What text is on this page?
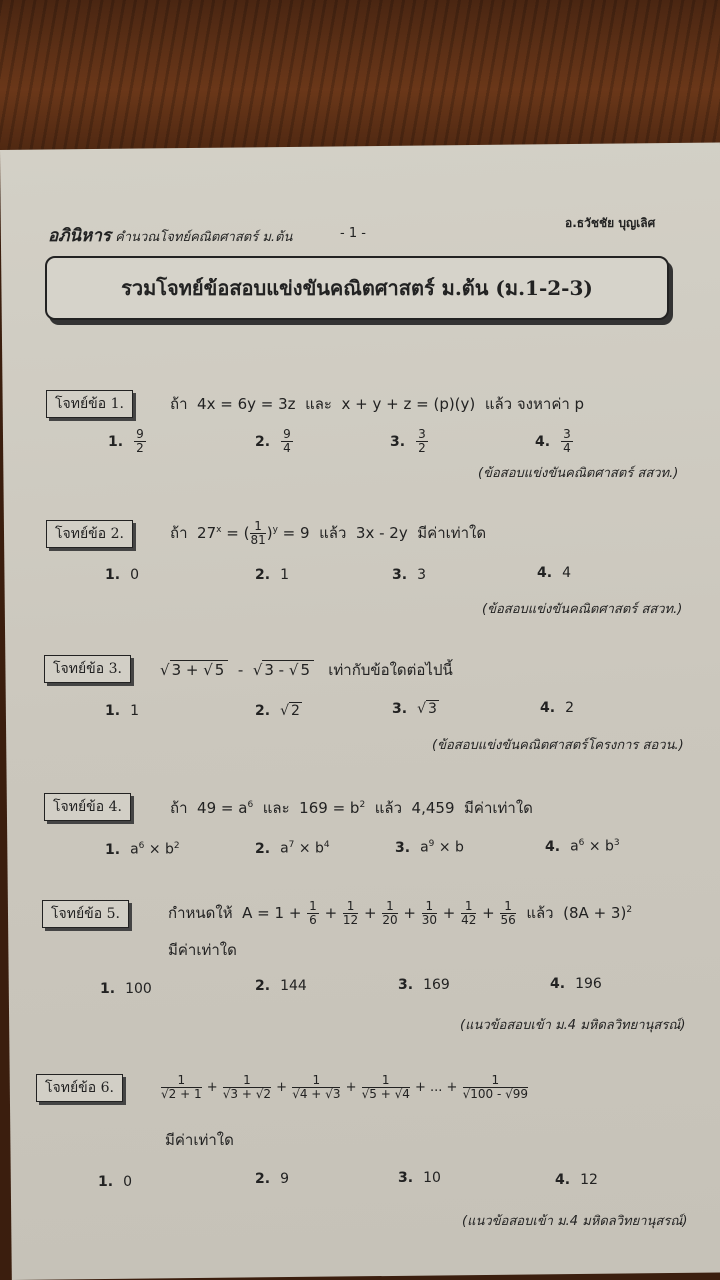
อภินิหาร คำนวณโจทย์คณิตศาสตร์ ม.ต้น	- 1 -
อ.ธวัชชัย บุญเลิศ
รวมโจทย์ข้อสอบแข่งขันคณิตศาสตร์ ม.ต้น (ม.1-2-3)
โจทย์ข้อ 1.	ถ้า  4x = 6y = 3z  และ  x + y + z = (p)(y)  แล้ว จงหาค่า p
1. $\frac{9}{2}$	2. $\frac{9}{4}$	3. $\frac{3}{2}$	4. $\frac{3}{4}$
(ข้อสอบแข่งขันคณิตศาสตร์ สสวท.)
โจทย์ข้อ 2.	ถ้า  $27^x$ = ( $\frac{1}{81} )^y = 9$  แล้ว  3x - 2y  มีค่าเท่าใด
1. 0	2. 1	3. 3	4. 4
(ข้อสอบแข่งขันคณิตศาสตร์ สสวท.)
โจทย์ข้อ 3.	√ 3 + √ 5  -  √ 3 - √ 5 เท่ากับข้อใดต่อไปนี้
1. 1	2. √ 2	3. √ 3	4. 2
(ข้อสอบแข่งขันคณิตศาสตร์โครงการ สอวน.)
โจทย์ข้อ 4.	ถ้า  $49 = a^6$ และ  $169 = b^2$ แล้ว  4,459  มีค่าเท่าใด
1. $a^6 \times b^2$	2. $a^7 \times b^4$	3. $a^9 \times b$	4. $a^6 \times b^3$
โจทย์ข้อ 5.	กำหนดให้  $A = 1 + \frac{1}{6} + \frac{1}{12} + \frac{1}{20} + \frac{1}{30} + \frac{1}{42} + \frac{1}{56}$ แล้ว  $(8A + 3)^2$
มีค่าเท่าใด
1. 100	2. 144	3. 169	4. 196
(แนวข้อสอบเข้า ม.4 มหิดลวิทยานุสรณ์)
โจทย์ข้อ 6.	$\frac{1}{√2 + 1} + \frac{1}{√3 + √2} + \frac{1}{√4 + √3} + \frac{1}{√5 + √4}$ + ... + $\frac{1}{√100 - √99}$
มีค่าเท่าใด
1. 0	2. 9	3. 10	4. 12
(แนวข้อสอบเข้า ม.4 มหิดลวิทยานุสรณ์)
